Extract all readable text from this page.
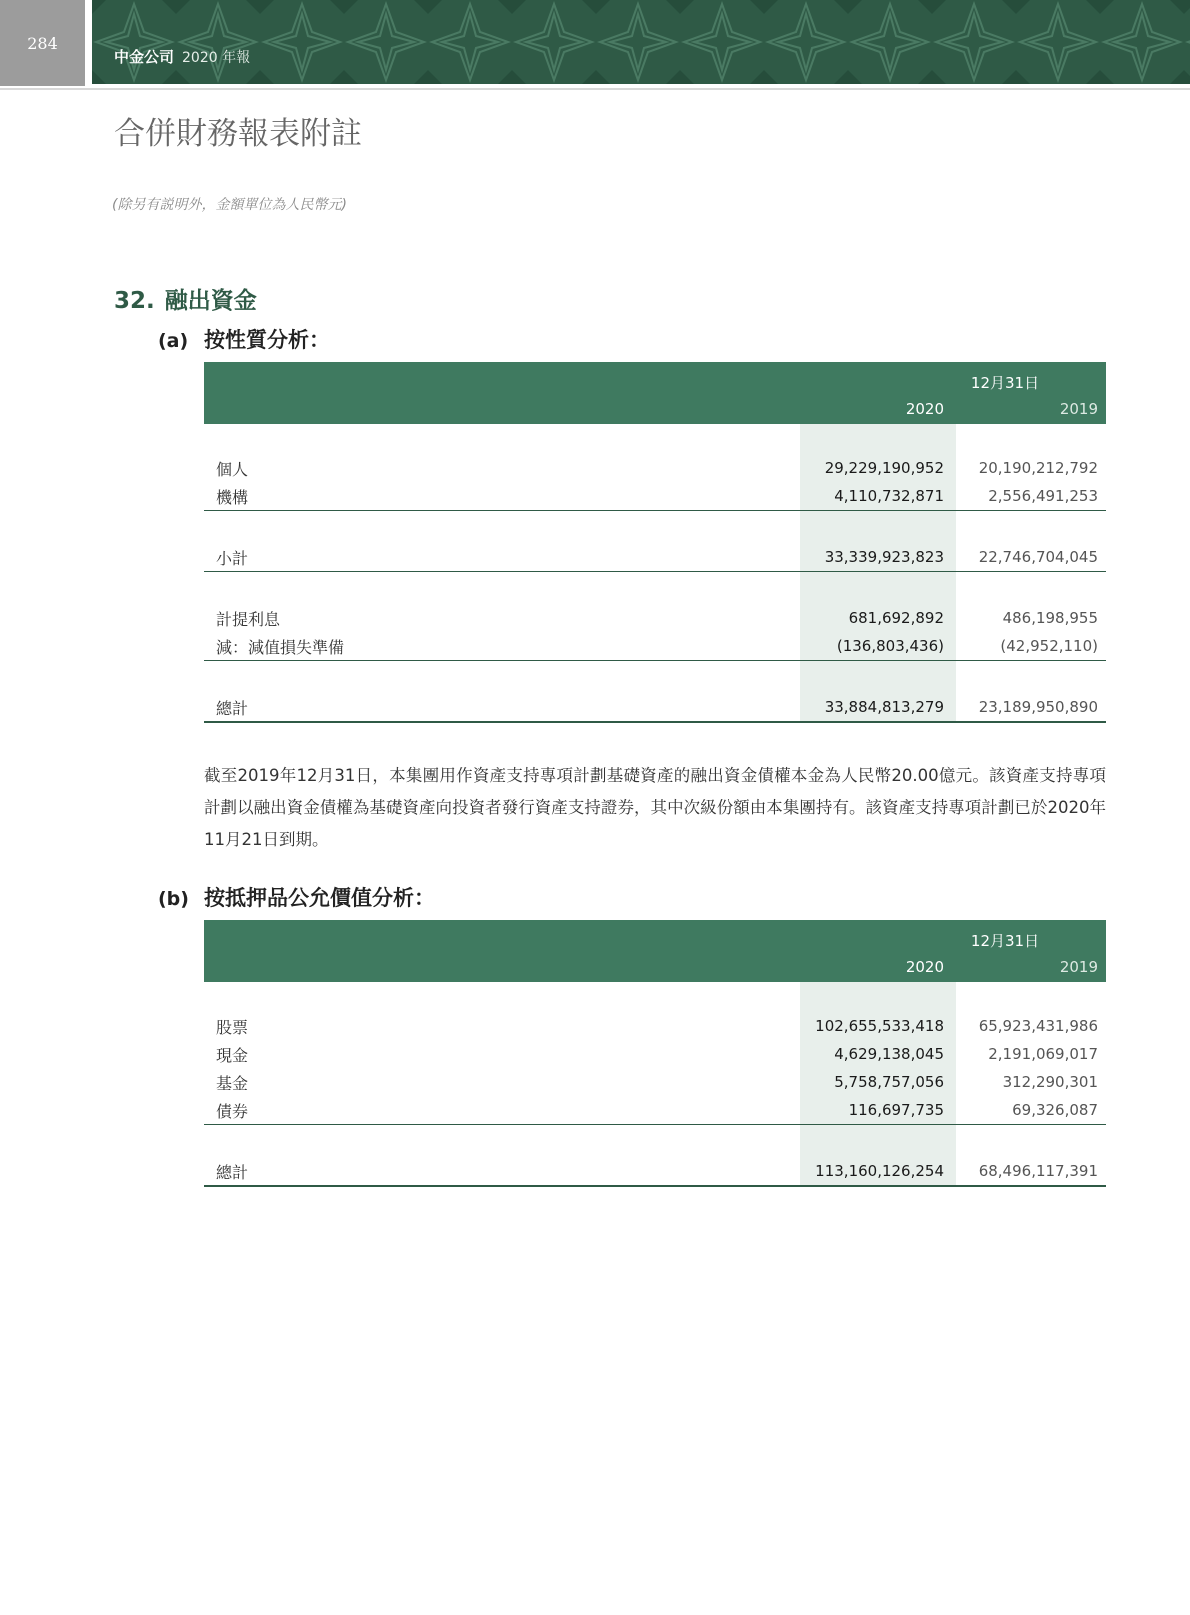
284
中金公司 2020 年報
合併財務報表附註
(除另有説明外，金額單位為人民幣元)
32. 融出資金
(a) 按性質分析：
12月31日
2020	2019
個人	29,229,190,952	20,190,212,792
機構	4,110,732,871	2,556,491,253
小計	33,339,923,823	22,746,704,045
計提利息	681,692,892	486,198,955
減：減值損失準備	(136,803,436)	(42,952,110)
總計	33,884,813,279	23,189,950,890

截至2019年12月31日，本集團用作資產支持專項計劃基礎資產的融出資金債權本金為人民幣20.00億元。該資產支持專項計劃以融出資金債權為基礎資產向投資者發行資產支持證券，其中次級份額由本集團持有。該資產支持專項計劃已於2020年11月21日到期。

(b) 按抵押品公允價值分析：
12月31日
2020	2019
股票	102,655,533,418	65,923,431,986
現金	4,629,138,045	2,191,069,017
基金	5,758,757,056	312,290,301
債券	116,697,735	69,326,087
總計	113,160,126,254	68,496,117,391
